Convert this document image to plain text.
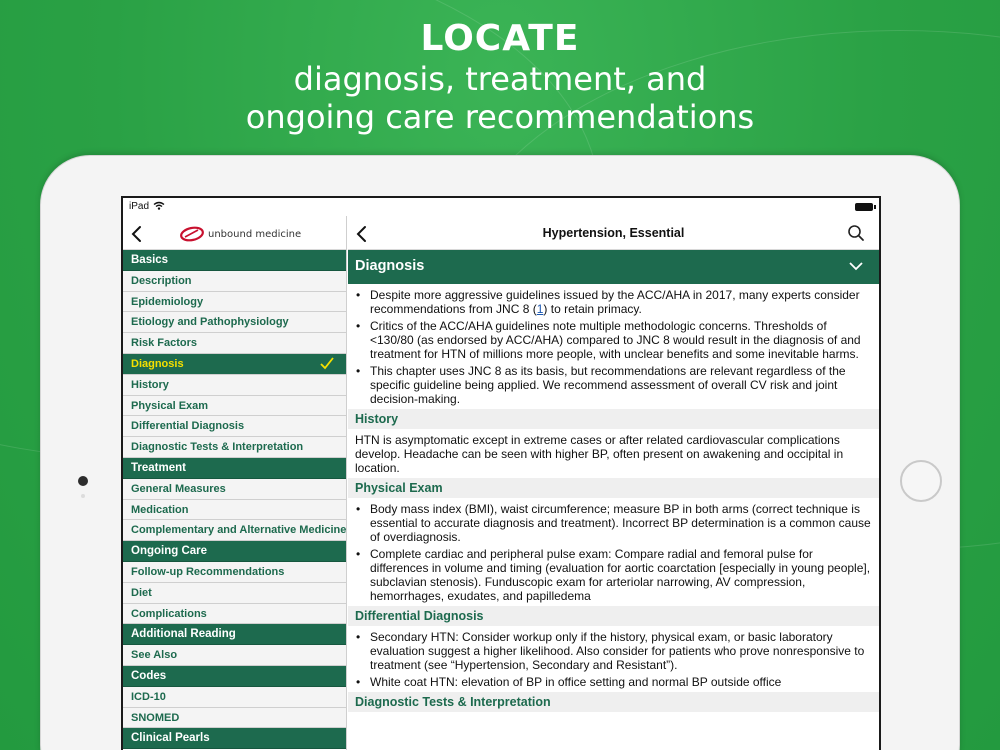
LOCATE
diagnosis, treatment, and
ongoing care recommendations
iPad
unbound medicine
Basics
Description
Epidemiology
Etiology and Pathophysiology
Risk Factors
Diagnosis
History
Physical Exam
Differential Diagnosis
Diagnostic Tests & Interpretation
Treatment
General Measures
Medication
Complementary and Alternative Medicine
Ongoing Care
Follow-up Recommendations
Diet
Complications
Additional Reading
See Also
Codes
ICD-10
SNOMED
Clinical Pearls
Hypertension, Essential
Diagnosis
• Despite more aggressive guidelines issued by the ACC/AHA in 2017, many experts consider recommendations from JNC 8 (1) to retain primacy.
• Critics of the ACC/AHA guidelines note multiple methodologic concerns. Thresholds of <130/80 (as endorsed by ACC/AHA) compared to JNC 8 would result in the diagnosis of and treatment for HTN of millions more people, with unclear benefits and some inevitable harms.
• This chapter uses JNC 8 as its basis, but recommendations are relevant regardless of the specific guideline being applied. We recommend assessment of overall CV risk and joint decision-making.
History
HTN is asymptomatic except in extreme cases or after related cardiovascular complications develop. Headache can be seen with higher BP, often present on awakening and occipital in location.
Physical Exam
• Body mass index (BMI), waist circumference; measure BP in both arms (correct technique is essential to accurate diagnosis and treatment). Incorrect BP determination is a common cause of overdiagnosis.
• Complete cardiac and peripheral pulse exam: Compare radial and femoral pulse for differences in volume and timing (evaluation for aortic coarctation [especially in young people], subclavian stenosis). Funduscopic exam for arteriolar narrowing, AV compression, hemorrhages, exudates, and papilledema
Differential Diagnosis
• Secondary HTN: Consider workup only if the history, physical exam, or basic laboratory evaluation suggest a higher likelihood. Also consider for patients who prove nonresponsive to treatment (see “Hypertension, Secondary and Resistant”).
• White coat HTN: elevation of BP in office setting and normal BP outside office
Diagnostic Tests & Interpretation
